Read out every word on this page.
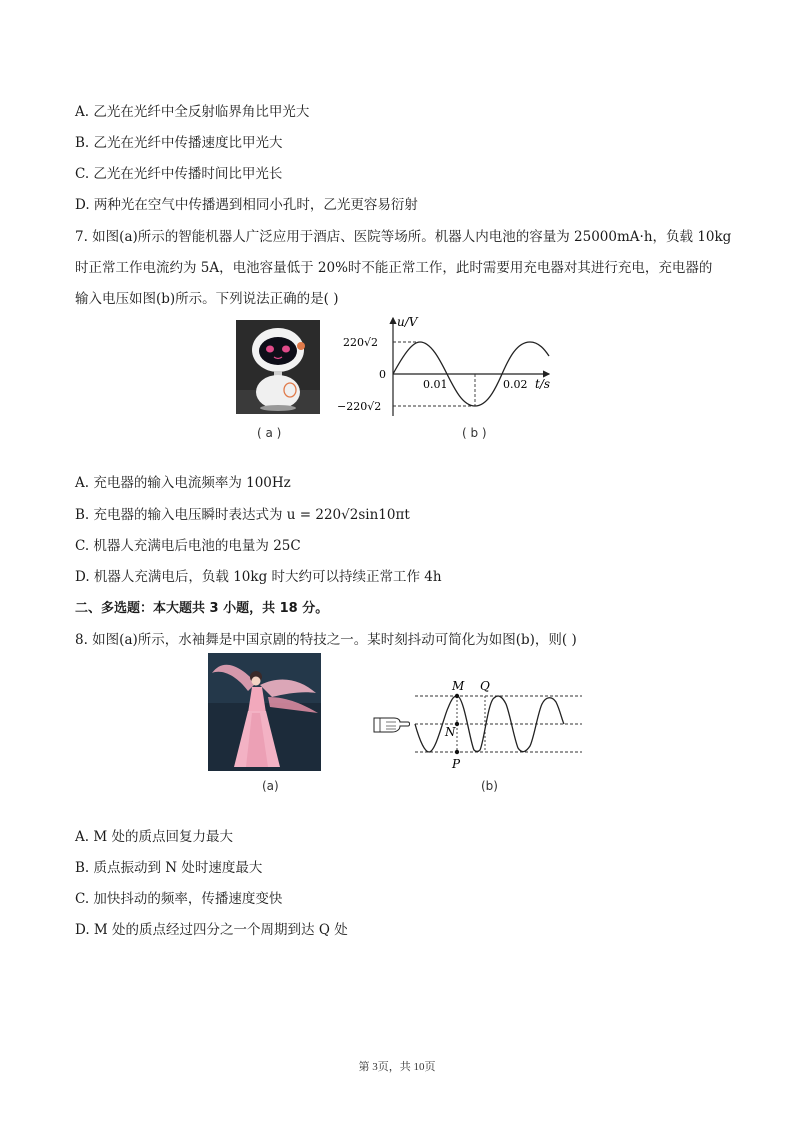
A. 乙光在光纤中全反射临界角比甲光大
B. 乙光在光纤中传播速度比甲光大
C. 乙光在光纤中传播时间比甲光长
D. 两种光在空气中传播遇到相同小孔时，乙光更容易衍射
7. 如图(a)所示的智能机器人广泛应用于酒店、医院等场所。机器人内电池的容量为 25000mA·h，负载 10kg
时正常工作电流约为 5A，电池容量低于 20%时不能正常工作，此时需要用充电器对其进行充电，充电器的
输入电压如图(b)所示。下列说法正确的是( )
( a )
u/V
220√2
0
−220√2
0.01	0.02 t/s
( b )
A. 充电器的输入电流频率为 100Hz
B. 充电器的输入电压瞬时表达式为 u = 220√2sin10πt
C. 机器人充满电后电池的电量为 25C
D. 机器人充满电后，负载 10kg 时大约可以持续正常工作 4h
二、多选题：本大题共 3 小题，共 18 分。
8. 如图(a)所示，水袖舞是中国京剧的特技之一。某时刻抖动可简化为如图(b)，则( )
(a)
M Q
N
P
(b)
A. M 处的质点回复力最大
B. 质点振动到 N 处时速度最大
C. 加快抖动的频率，传播速度变快
D. M 处的质点经过四分之一个周期到达 Q 处
第 3页，共 10页
